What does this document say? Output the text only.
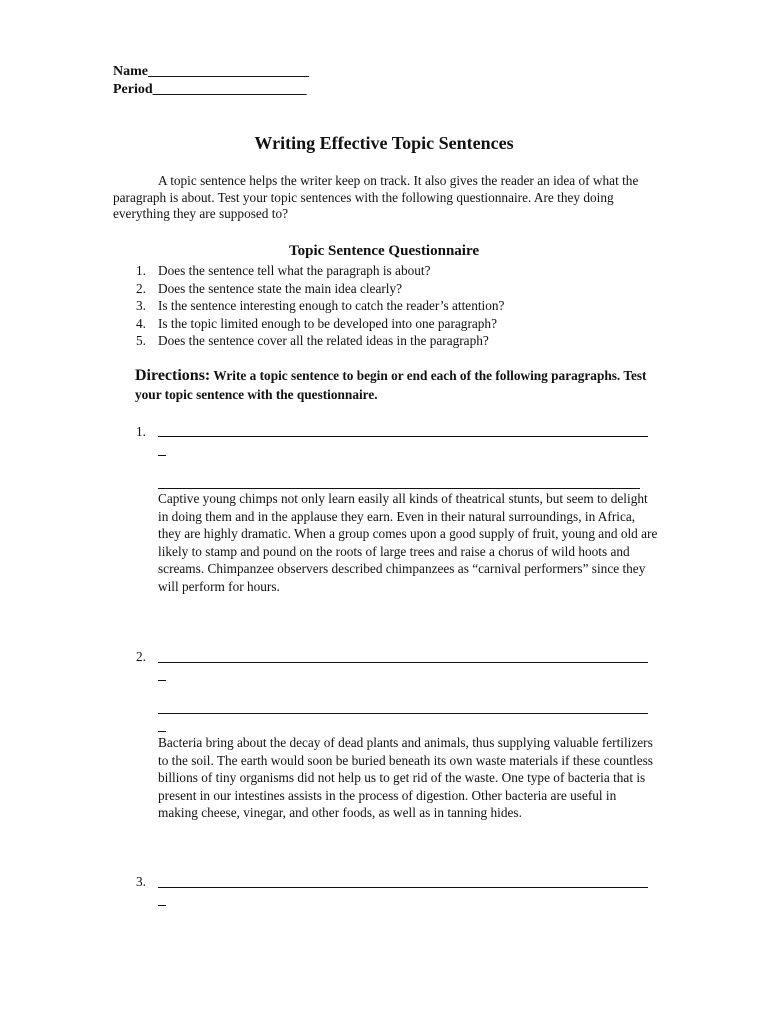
Name_______________________
Period______________________
Writing Effective Topic Sentences
A topic sentence helps the writer keep on track. It also gives the reader an idea of what the paragraph is about. Test your topic sentences with the following questionnaire. Are they doing everything they are supposed to?
Topic Sentence Questionnaire
1. Does the sentence tell what the paragraph is about?
2. Does the sentence state the main idea clearly?
3. Is the sentence interesting enough to catch the reader’s attention?
4. Is the topic limited enough to be developed into one paragraph?
5. Does the sentence cover all the related ideas in the paragraph?
Directions: Write a topic sentence to begin or end each of the following paragraphs. Test your topic sentence with the questionnaire.
1.
Captive young chimps not only learn easily all kinds of theatrical stunts, but seem to delight in doing them and in the applause they earn. Even in their natural surroundings, in Africa, they are highly dramatic. When a group comes upon a good supply of fruit, young and old are likely to stamp and pound on the roots of large trees and raise a chorus of wild hoots and screams. Chimpanzee observers described chimpanzees as “carnival performers” since they will perform for hours.
2.
Bacteria bring about the decay of dead plants and animals, thus supplying valuable fertilizers to the soil. The earth would soon be buried beneath its own waste materials if these countless billions of tiny organisms did not help us to get rid of the waste. One type of bacteria that is present in our intestines assists in the process of digestion. Other bacteria are useful in making cheese, vinegar, and other foods, as well as in tanning hides.
3.
